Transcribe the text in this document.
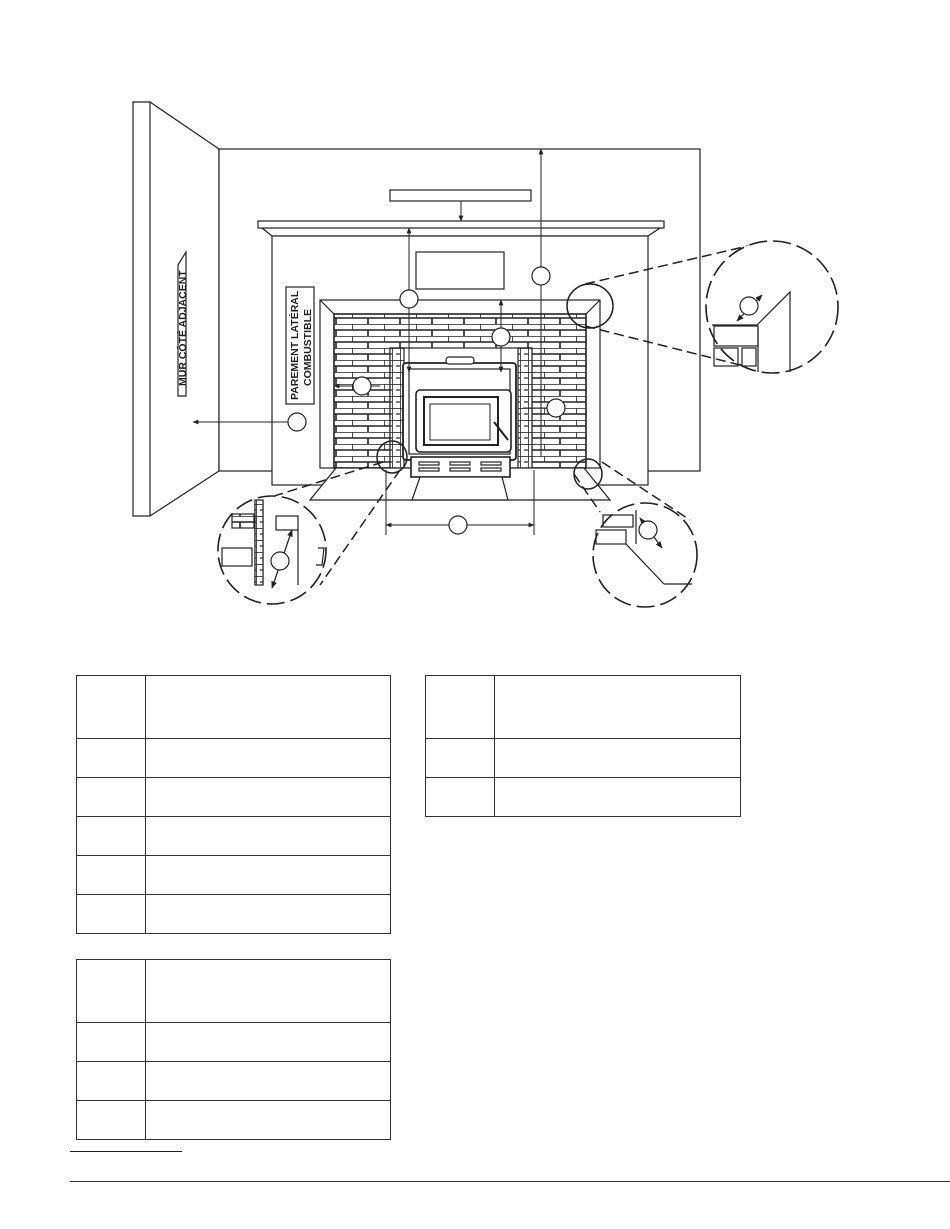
MUR CÔTÉ ADJACENT	PAREMENT LATÉRAL COMBUSTIBLE
